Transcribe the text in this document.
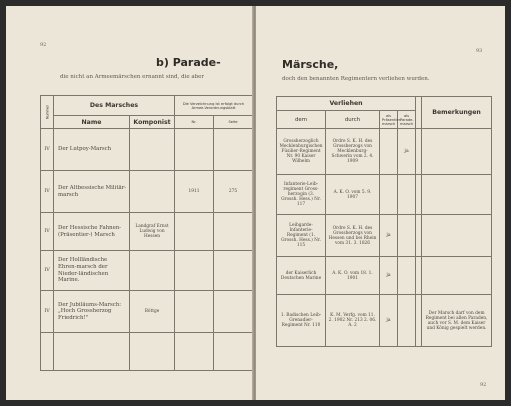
92
b) Parade-
die nicht an Armeemärschen ernannt sind, die aber
Nummer	Des Marsches		Die Verzeichnung ist erfolgt durch Armee-Verordnungsblatt	
	Name	Komponist	Nr.	Seite
IV	Der Lutpoy-Marsch			
IV	Der Altbessische Militär-marsch		1911	275
IV	Der Hessische Fahnen-(Präsentier-) Marsch	Landgraf Ernst Ludwig von Hessen		
IV	Der Hollländische Ehren-marsch der Nieder-ländischen Marine.			
IV	Der Jubiläums-Marsch: „Hoch Grossherzog Friedrich!"	Böttge		

93
Märsche,
doch den benannten Regimentern verliehen wurden.
Verliehen					Bemerkungen
dem	durch	als Präsentier-marsch	als Parade-marsch		
Grossherzoglich Mecklenburgischen Füsilier-Regiment Nr. 90 Kaiser Wilhelm	Ordre S. K. H. des Grossherzogs von Mecklenburg-Schwerin vom 2. 4. 1909		ja		
Infanterie-Leib-regiment Gross-herzogin (3. Grossh. Hess.) Nr. 117	A. K. O. vom 5. 9. 1907				
Leibgarde-Infanterie-Regiment (1. Grossh. Hess.) Nr. 115	Ordre S. K. H. des Grossherzogs von Hessen und bei Rhein vom 31. 3. 1826	ja			
der Kaiserlich Deutschen Marine	A. K. O. vom 18. 1. 1901	ja			
1. Badischen Leib-Grenadier-Regiment Nr. 110	K. M. Verfg. vom 11. 2. 1902 Nr. 213 2. 06. A. 2	ja			Der Marsch darf von dem Regiment bei allen Paraden, auch vor S. M. dem Kaiser und König gespielt werden.
92
